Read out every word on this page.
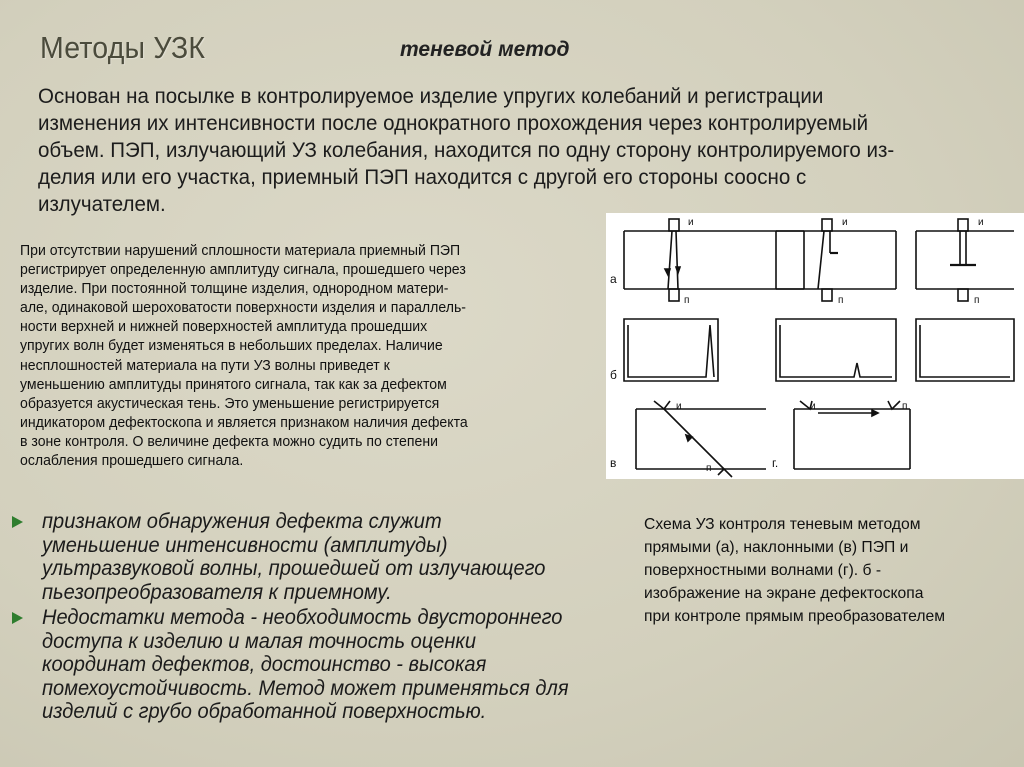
Методы УЗК	теневой метод
Основан на посылке в контролируемое изделие упругих колебаний и регистрации
изменения их интенсивности после однократного прохождения через контролируемый
объем. ПЭП, излучающий УЗ колебания, находится по одну сторону контролируемого из-
делия или его участка, приемный ПЭП находится с другой его стороны соосно с
излучателем.
При отсутствии нарушений сплошности материала приемный ПЭП
регистрирует определенную амплитуду сигнала, прошедшего через
изделие. При постоянной толщине изделия, однородном матери-
але, одинаковой шероховатости поверхности изделия и параллель-
ности верхней и нижней поверхностей амплитуда прошедших
упругих волн будет изменяться в небольших пределах. Наличие
несплошностей материала на пути УЗ волны приведет к
уменьшению амплитуды принятого сигнала, так как за дефектом
образуется акустическая тень. Это уменьшение регистрируется
индикатором дефектоскопа и является признаком наличия дефекта
в зоне контроля. О величине дефекта можно судить по степени
ослабления прошедшего сигнала.
и
п
и
п
и
п
а
б
в	г.
и
п
и	п
признаком обнаружения дефекта служит
уменьшение интенсивности (амплитуды)
ультразвуковой волны, прошедшей от излучающего
пьезопреобразователя к приемному.
Недостатки метода - необходимость двустороннего
доступа к изделию и малая точность оценки
координат дефектов, достоинство - высокая
помехоустойчивость. Метод может применяться для
изделий с грубо обработанной поверхностью.
Схема УЗ контроля теневым методом
прямыми (а), наклонными (в) ПЭП и
поверхностными волнами (г). б -
изображение на экране дефектоскопа
при контроле прямым преобразователем
